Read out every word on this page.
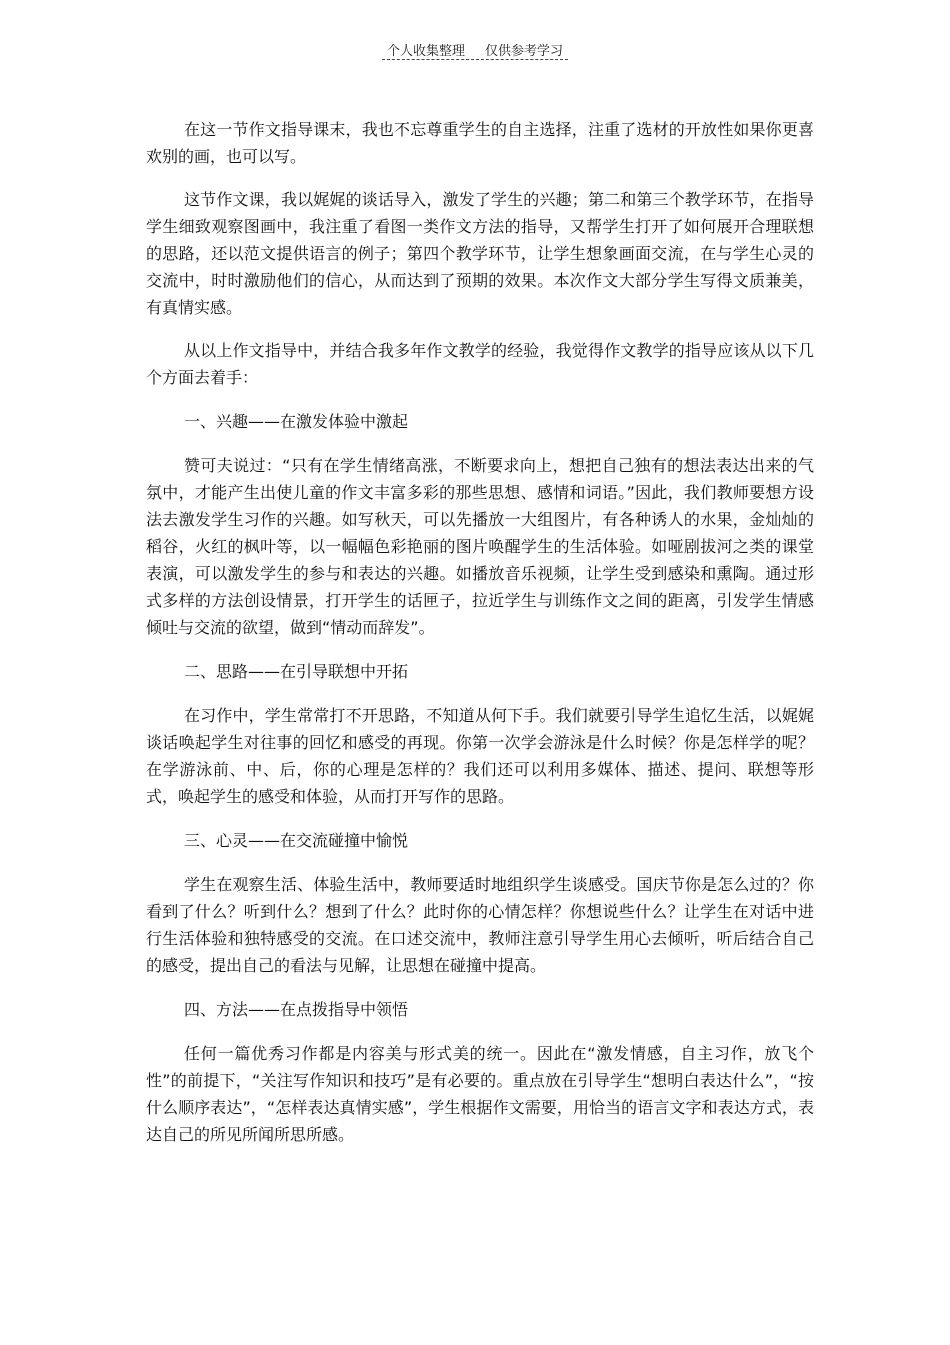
个人收集整理 仅供参考学习

在这一节作文指导课末，我也不忘尊重学生的自主选择，注重了选材的开放性如果你更喜欢别的画，也可以写。

这节作文课，我以娓娓的谈话导入，激发了学生的兴趣；第二和第三个教学环节，在指导学生细致观察图画中，我注重了看图一类作文方法的指导，又帮学生打开了如何展开合理联想的思路，还以范文提供语言的例子；第四个教学环节，让学生想象画面交流，在与学生心灵的交流中，时时激励他们的信心，从而达到了预期的效果。本次作文大部分学生写得文质兼美，有真情实感。

从以上作文指导中，并结合我多年作文教学的经验，我觉得作文教学的指导应该从以下几个方面去着手：

一、兴趣——在激发体验中激起

赞可夫说过：“只有在学生情绪高涨，不断要求向上，想把自己独有的想法表达出来的气氛中，才能产生出使儿童的作文丰富多彩的那些思想、感情和词语。”因此，我们教师要想方设法去激发学生习作的兴趣。如写秋天，可以先播放一大组图片，有各种诱人的水果，金灿灿的稻谷，火红的枫叶等，以一幅幅色彩艳丽的图片唤醒学生的生活体验。如哑剧拔河之类的课堂表演，可以激发学生的参与和表达的兴趣。如播放音乐视频，让学生受到感染和熏陶。通过形式多样的方法创设情景，打开学生的话匣子，拉近学生与训练作文之间的距离，引发学生情感倾吐与交流的欲望，做到“情动而辞发”。

二、思路——在引导联想中开拓

在习作中，学生常常打不开思路，不知道从何下手。我们就要引导学生追忆生活，以娓娓谈话唤起学生对往事的回忆和感受的再现。你第一次学会游泳是什么时候？你是怎样学的呢？在学游泳前、中、后，你的心理是怎样的？我们还可以利用多媒体、描述、提问、联想等形式，唤起学生的感受和体验，从而打开写作的思路。

三、心灵——在交流碰撞中愉悦

学生在观察生活、体验生活中，教师要适时地组织学生谈感受。国庆节你是怎么过的？你看到了什么？听到什么？想到了什么？此时你的心情怎样？你想说些什么？让学生在对话中进行生活体验和独特感受的交流。在口述交流中，教师注意引导学生用心去倾听，听后结合自己的感受，提出自己的看法与见解，让思想在碰撞中提高。

四、方法——在点拨指导中领悟

任何一篇优秀习作都是内容美与形式美的统一。因此在“激发情感，自主习作，放飞个性”的前提下，“关注写作知识和技巧”是有必要的。重点放在引导学生“想明白表达什么”，“按什么顺序表达”，“怎样表达真情实感”，学生根据作文需要，用恰当的语言文字和表达方式，表达自己的所见所闻所思所感。
